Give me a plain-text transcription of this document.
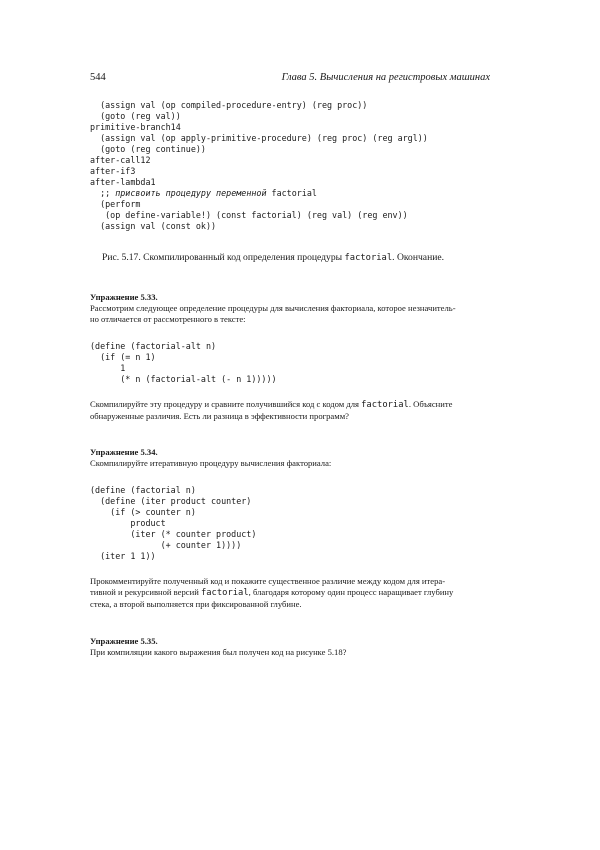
544	Глава 5. Вычисления на регистровых машинах
(assign val (op compiled-procedure-entry) (reg proc))
(goto (reg val))
primitive-branch14
(assign val (op apply-primitive-procedure) (reg proc) (reg argl))
(goto (reg continue))
after-call12
after-if3
after-lambda1
;; присвоить процедуру переменной factorial
(perform
(op define-variable!) (const factorial) (reg val) (reg env))
(assign val (const ok))
Рис. 5.17. Скомпилированный код определения процедуры factorial. Окончание.
Упражнение 5.33.
Рассмотрим следующее определение процедуры для вычисления факториала, которое незначитель-
но отличается от рассмотренного в тексте:
(define (factorial-alt n)
(if (= n 1)
1
(* n (factorial-alt (- n 1)))))
Скомпилируйте эту процедуру и сравните получившийся код с кодом для factorial. Объясните
обнаруженные различия. Есть ли разница в эффективности программ?
Упражнение 5.34.
Скомпилируйте итеративную процедуру вычисления факториала:
(define (factorial n)
(define (iter product counter)
(if (> counter n)
product
(iter (* counter product)
(+ counter 1))))
(iter 1 1))
Прокомментируйте полученный код и покажите существенное различие между кодом для итера-
тивной и рекурсивной версий factorial, благодаря которому один процесс наращивает глубину
стека, а второй выполняется при фиксированной глубине.
Упражнение 5.35.
При компиляции какого выражения был получен код на рисунке 5.18?
